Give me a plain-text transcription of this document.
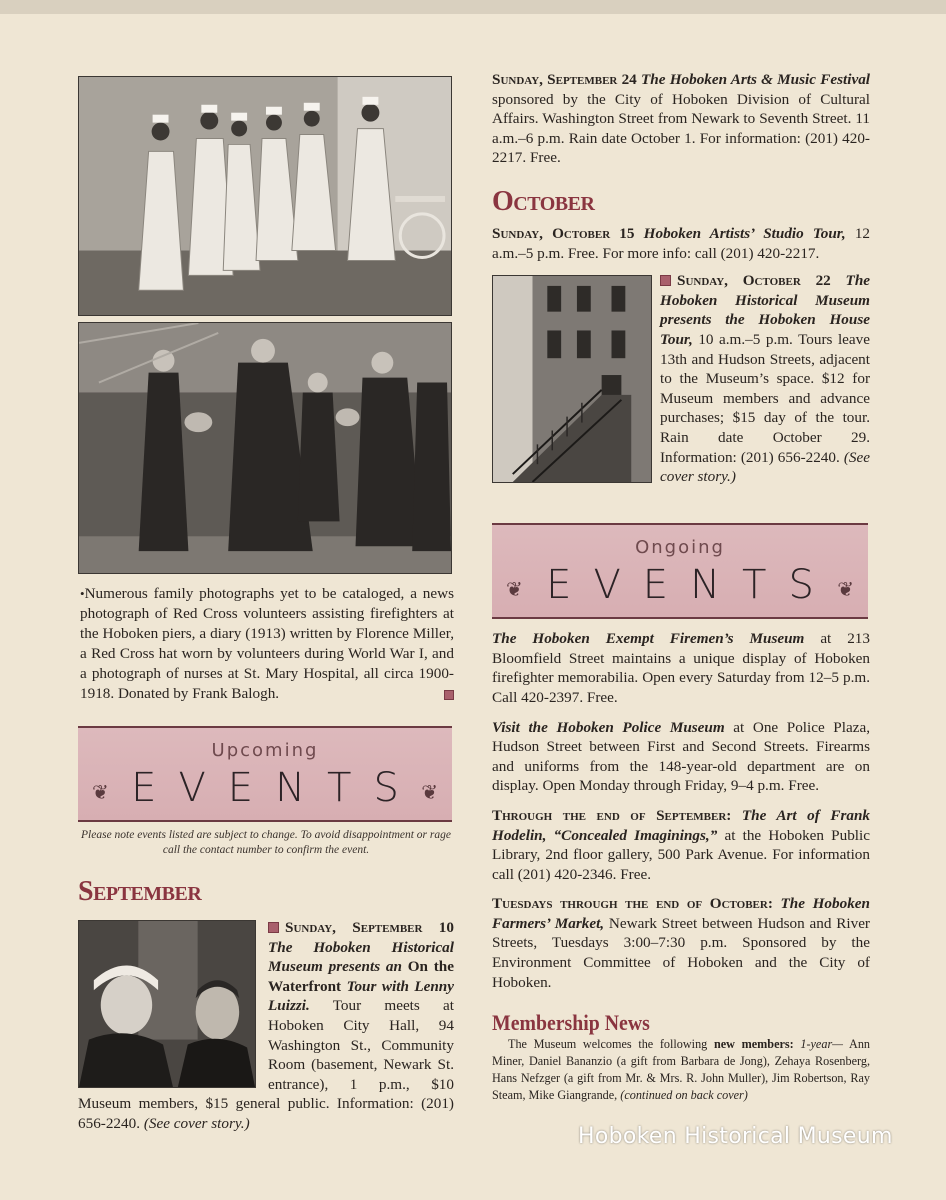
•Numerous family photographs yet to be cataloged, a news photograph of Red Cross volunteers assisting firefighters at the Hoboken piers, a diary (1913) written by Florence Miller, a Red Cross hat worn by volunteers during World War I, and a photograph of nurses at St. Mary Hospital, all circa 1900-1918. Donated by Frank Balogh.

Upcoming
EVENTS
❦	❦

Please note events listed are subject to change. To avoid disappointment or rage call the contact number to confirm the event.

September
Sunday, September 10 The Hoboken Historical Museum presents an On the Waterfront Tour with Lenny Luizzi. Tour meets at Hoboken City Hall, 94 Washington St., Community Room (basement, Newark St. entrance), 1 p.m., $10 Museum members, $15 general public. Information: (201) 656-2240. (See cover story.)
Sunday, September 24 The Hoboken Arts & Music Festival sponsored by the City of Hoboken Division of Cultural Affairs. Washington Street from Newark to Seventh Street. 11 a.m.–6 p.m. Rain date October 1. For information: (201) 420-2217. Free.
October
Sunday, October 15 Hoboken Artists’ Studio Tour, 12 a.m.–5 p.m. Free. For more info: call (201) 420-2217.
Sunday, October 22 The Hoboken Historical Museum presents the Hoboken House Tour, 10 a.m.–5 p.m. Tours leave 13th and Hudson Streets, adjacent to the Museum’s space. $12 for Museum members and advance purchases; $15 day of the tour. Rain date October 29. Information: (201) 656-2240. (See cover story.)
Ongoing
EVENTS
❦	❦
The Hoboken Exempt Firemen’s Museum at 213 Bloomfield Street maintains a unique display of Hoboken firefighter memorabilia. Open every Saturday from 12–5 p.m. Call 420-2397. Free.
Visit the Hoboken Police Museum at One Police Plaza, Hudson Street between First and Second Streets. Firearms and uniforms from the 148-year-old department are on display. Open Monday through Friday, 9–4 p.m. Free.
Through the end of September: The Art of Frank Hodelin, “Concealed Imaginings,” at the Hoboken Public Library, 2nd floor gallery, 500 Park Avenue. For information call (201) 420-2346. Free.
Tuesdays through the end of October: The Hoboken Farmers’ Market, Newark Street between Hudson and River Streets, Tuesdays 3:00–7:30 p.m. Sponsored by the Environment Committee of Hoboken and the City of Hoboken.
Membership News

The Museum welcomes the following new members: 1-year— Ann Miner, Daniel Bananzio (a gift from Barbara de Jong), Zehaya Rosenberg, Hans Nefzger (a gift from Mr. & Mrs. R. John Muller), Jim Robertson, Ray Steam, Mike Giangrande, (continued on back cover)

Hoboken Historical Museum
